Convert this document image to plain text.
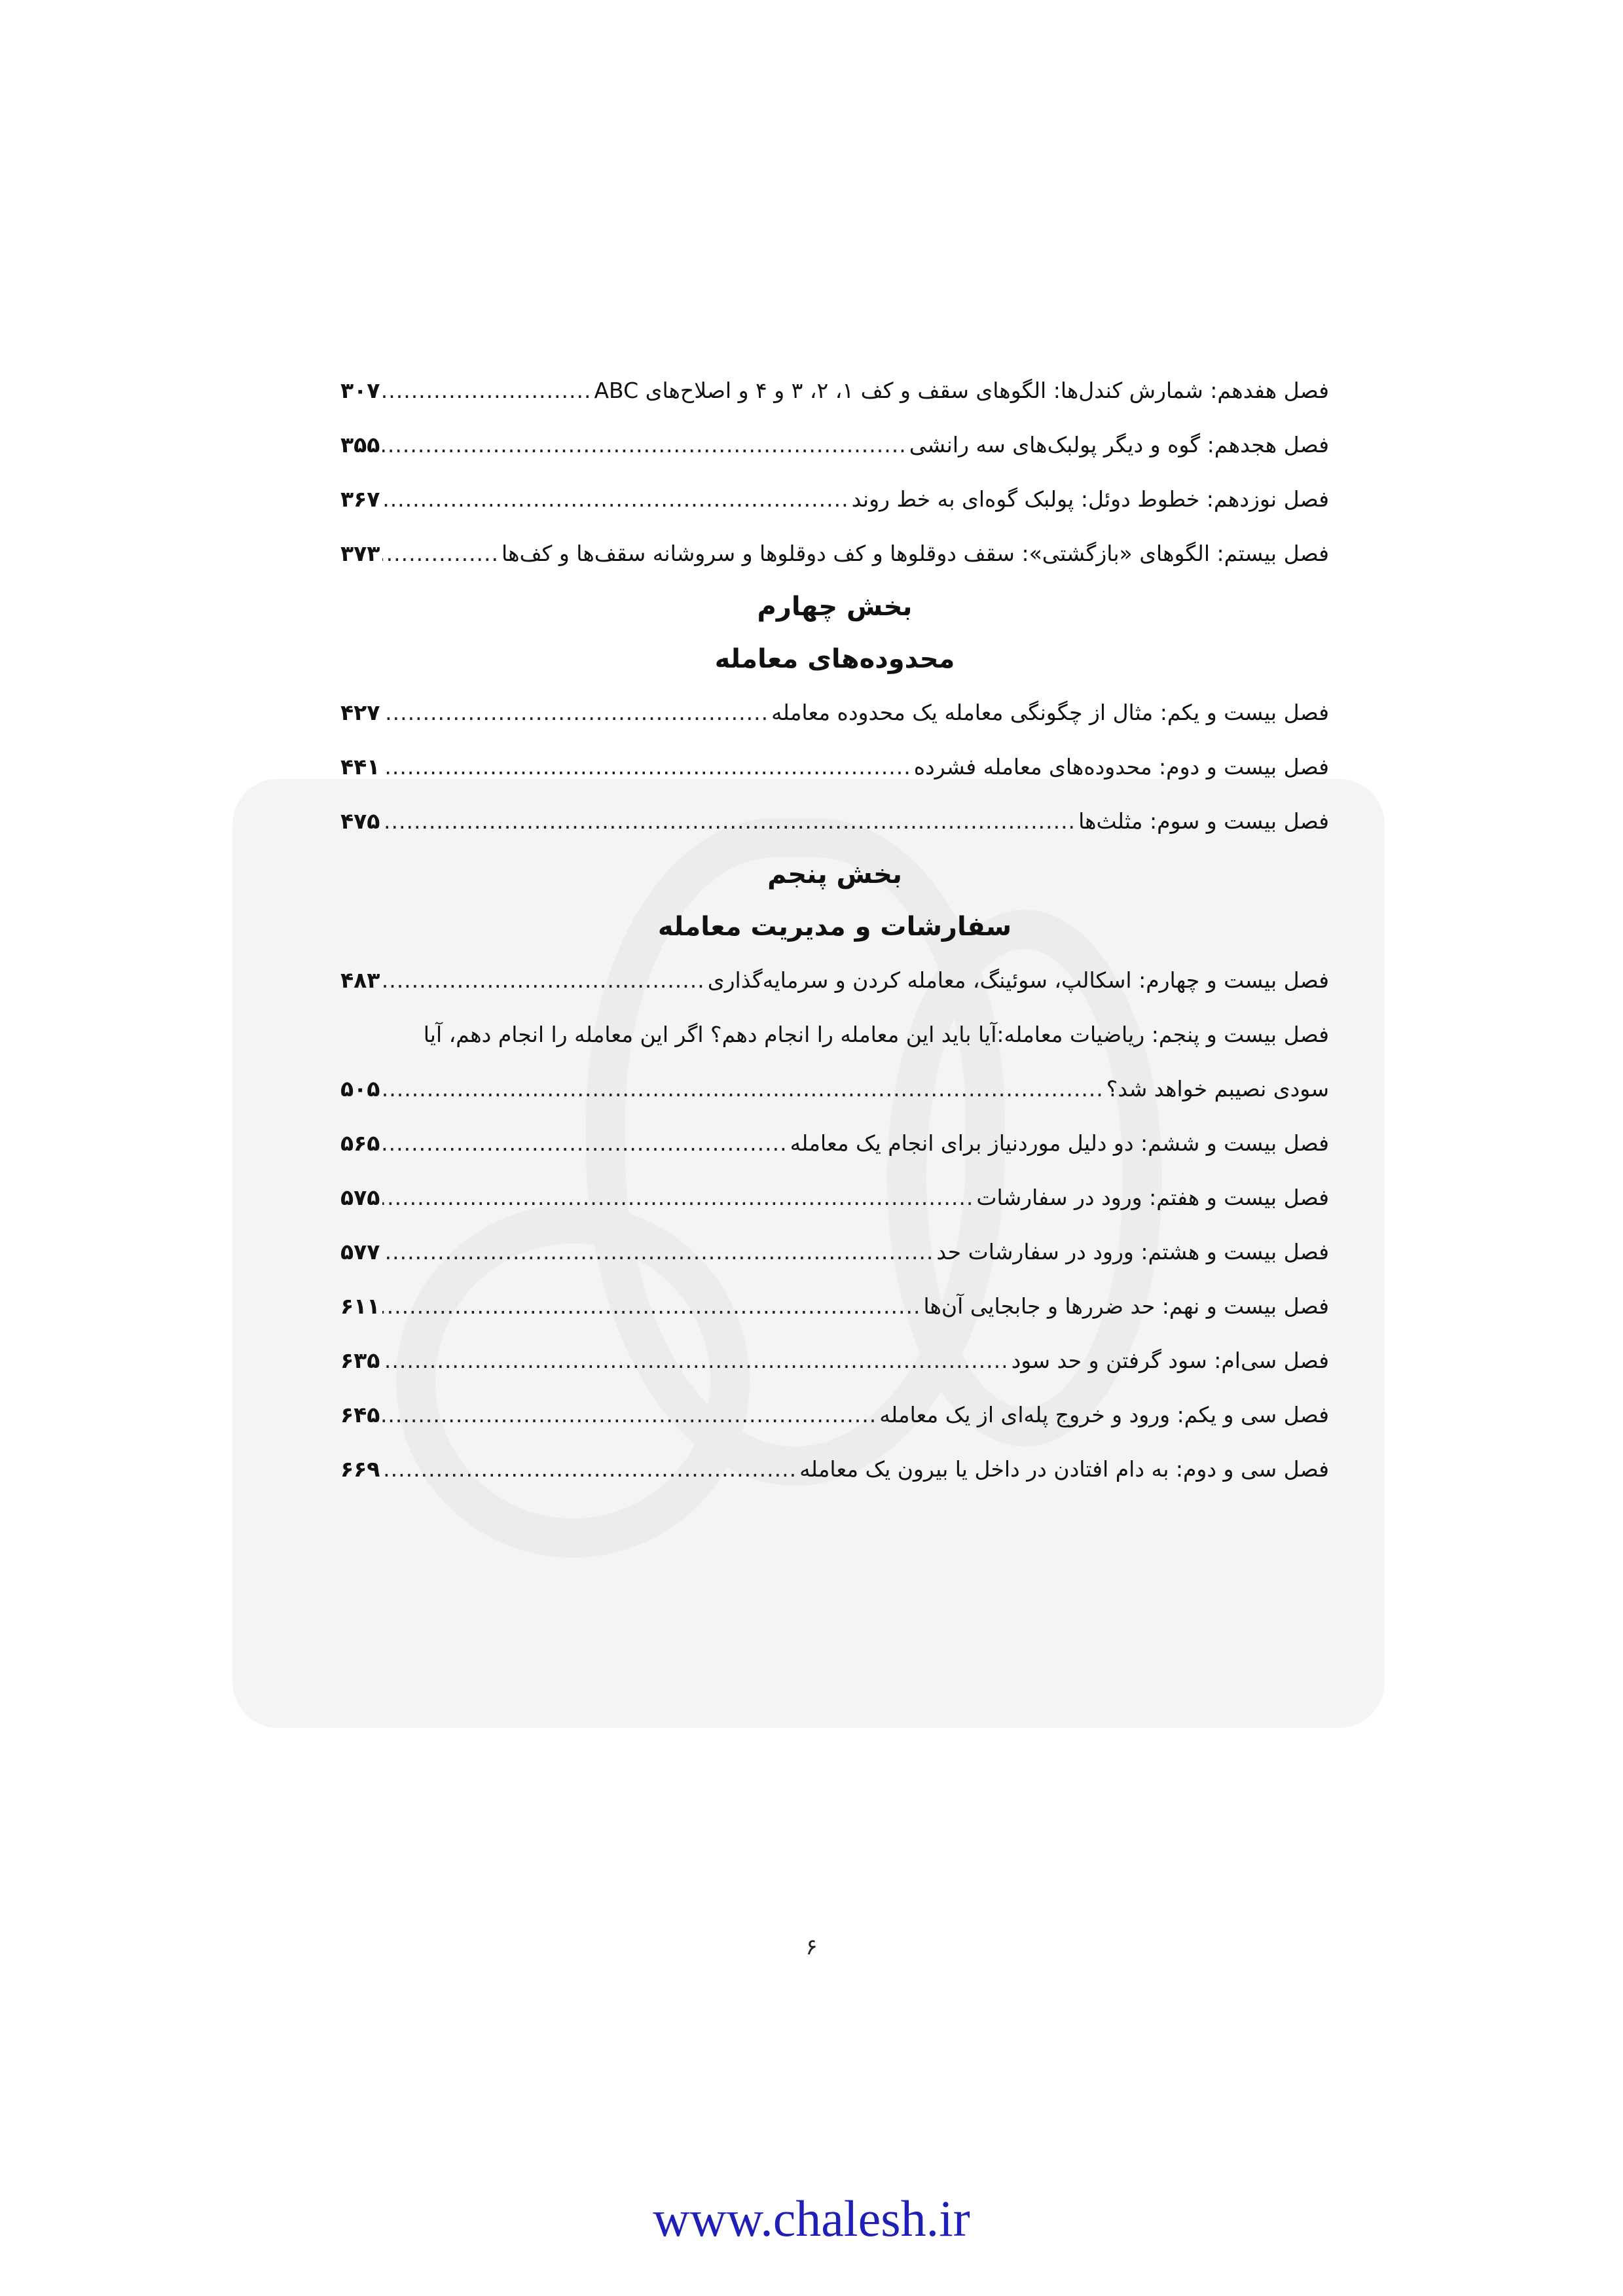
فصل هفدهم: شمارش کندل‌ها: الگوهای سقف و کف ۱، ۲، ۳ و ۴ و اصلاح‌های ABC
.....
۳۰۷
فصل هجدهم: گوه و دیگر پولبک‌های سه رانشی
.....
۳۵۵
فصل نوزدهم: خطوط دوئل: پولبک گوه‌ای به خط روند
.....
۳۶۷
فصل بیستم: الگوهای «بازگشتی»: سقف دوقلوها و کف دوقلوها و سروشانه سقف‌ها و کف‌ها
.....
۳۷۳
بخش چهارم
محدوده‌های معامله
فصل بیست و یکم: مثال از چگونگی معامله یک محدوده معامله
.....
۴۲۷
فصل بیست و دوم: محدوده‌های معامله فشرده
.....
۴۴۱
فصل بیست و سوم: مثلث‌ها
.....
۴۷۵
بخش پنجم
سفارشات و مدیریت معامله
فصل بیست و چهارم: اسکالپ، سوئینگ، معامله کردن و سرمایه‌گذاری
.....
۴۸۳
فصل بیست و پنجم: ریاضیات معامله:آیا باید این معامله را انجام دهم؟ اگر این معامله را انجام دهم، آیا
سودی نصیبم خواهد شد؟
.....
۵۰۵
فصل بیست و ششم: دو دلیل موردنیاز برای انجام یک معامله
.....
۵۶۵
فصل بیست و هفتم: ورود در سفارشات
.....
۵۷۵
فصل بیست و هشتم: ورود در سفارشات حد
.....
۵۷۷
فصل بیست و نهم: حد ضررها و جابجایی آن‌ها
.....
۶۱۱
فصل سی‌ام: سود گرفتن و حد سود
.....
۶۳۵
فصل سی و یکم: ورود و خروج پله‌ای از یک معامله
.....
۶۴۵
فصل سی و دوم: به دام افتادن در داخل یا بیرون یک معامله
.....
۶۶۹
۶
www.chalesh.ir
